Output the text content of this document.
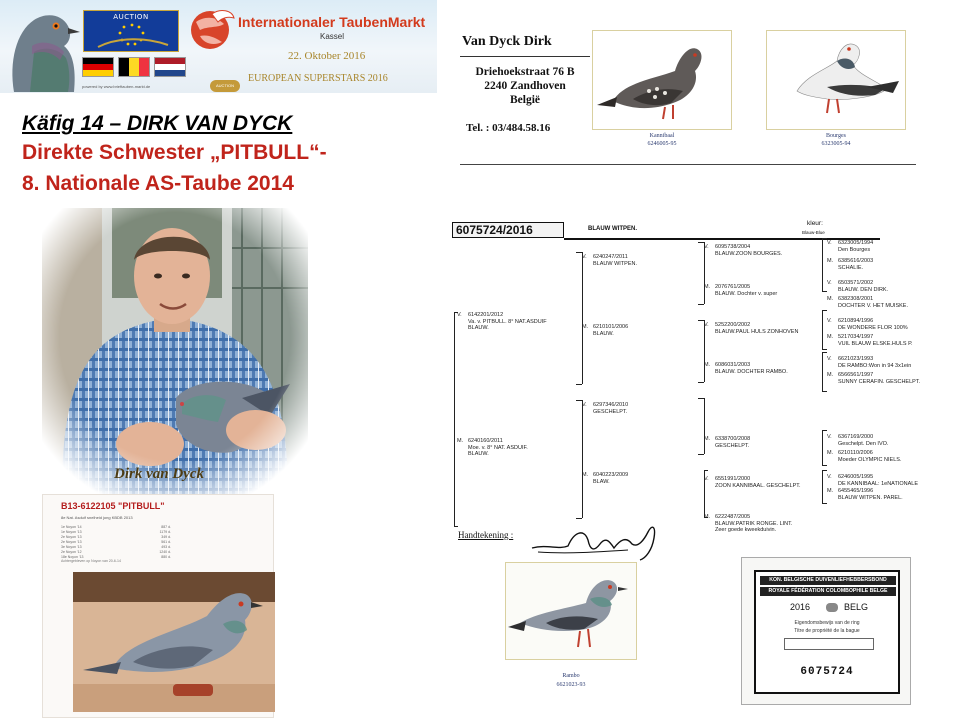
AUCTION	Internationaler TaubenMarkt
Kassel
22. Oktober 2016
EUROPEAN SUPERSTARS 2016
powered by www.brieftauben-markt.de	AUCTION
Käfig 14 – DIRK VAN DYCK
Direkte Schwester „PITBULL“-
8. Nationale AS-Taube 2014
Dirk van Dyck
B13-6122105 "PITBULL"
8e Nat. Asduif snelheid jong KBDB 2013
1e Noyon '14	887 d.
1e Noyon '13	1179 d.
2e Noyon '13	349 d.
2e Noyon '13	561 d.
3e Noyon '13	493 d.
2e Noyon '12	1240 d.
18e Noyon '13	880 d.
Achtergebleven op Noyon van 20-6-14
Van Dyck Dirk
Driehoekstraat 76 B
2240 Zandhoven
België
Tel. : 03/484.58.16
Kannibaal
6246005-95
Bourges
6323005-94
6075724/2016	BLAUW WITPEN.
kleur:
Blauw-Blue
V. 6142201/2012
Va. v. PITBULL. 8° NAT.ASDUIF
BLAUW.
M. 6240160/2011
Moe. v. 8° NAT. ASDUIF.
BLAUW.
V. 6240247/2011
BLAUW WITPEN.
M. 6210101/2006
BLAUW.
V. 6297346/2010
GESCHELPT.
M. 6040223/2009
BLAW.
V. 6095738/2004
BLAUW.ZOON BOURGES.
M. 2076761/2005
BLAUW. Dochter v. super
V. 5252200/2002
BLAUW.PAUL HULS ZONHOVEN
M. 6086031/2003
BLAUW. DOCHTER RAMBO.
M. 6338700/2008
GESCHELPT.
V. 6551991/2000
ZOON KANNIBAAL. GESCHELPT.
M. 6222487/2005
BLAUW.PATRIK RONGE. LINT.
Zeer goede kweekduivin.
V. 6323005/1994
Den Bourges
M. 6385616/2003
SCHALIE.
V. 6503571/2002
BLAUW. DEN DIRK.
M. 6382308/2001
DOCHTER V. HET MUISKE.
V. 6210894/1996
DE WONDERE FLOR 100%
M. 5217034/1997
VUIL BLAUW ELSKE.HULS P.
V. 6621023/1993
DE RAMBO:Won in 94 3x1ein
M. 6566561/1997
SUNNY CERAFIN. GESCHELPT.
V. 6367169/2000
Geschelpt. Den IVO.
M. 6210110/2006
Moeder OLYMPIC NIELS.
V. 6246005/1995
DE KANNIBAAL: 1eNATIONALE
M. 6455465/1996
BLAUW WITPEN. PAREL.
Handtekening :
Rambo
6621023-93
KON. BELGISCHE DUIVENLIEFHEBBERSBOND
ROYALE FÉDÉRATION COLOMBOPHILE BELGE
2016	BELG
Eigendomsbewijs van de ring
Titre de propriété de la bague
6075724
